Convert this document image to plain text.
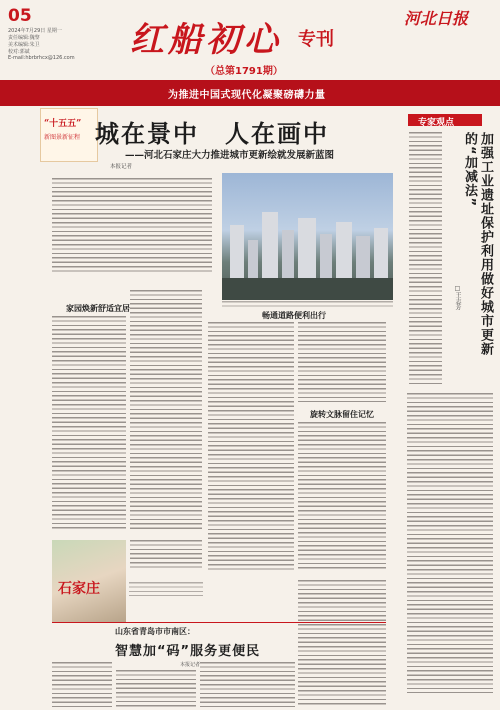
05
2024年7月29日 星期一
责任编辑:魏黎
美术编辑:朱卫
校对:郭斌
E-mail:hbrbrhcx@126.com 红船初心 专刊
河北日报
（总第1791期）
为推进中国式现代化凝聚磅礴力量
“十五五”
新图景新征程 城在景中　人在画中
——河北石家庄大力推进城市更新绘就发展新蓝图
本报记者　
家园焕新舒适宜居
畅通道路便利出行
旋转文脉留住记忆
石家庄
专家观点
加强工业遗址保护利用做好城市更新的“加减法”
□王志芳
山东省青岛市市南区：
智慧加“码”服务更便民
本报记者
